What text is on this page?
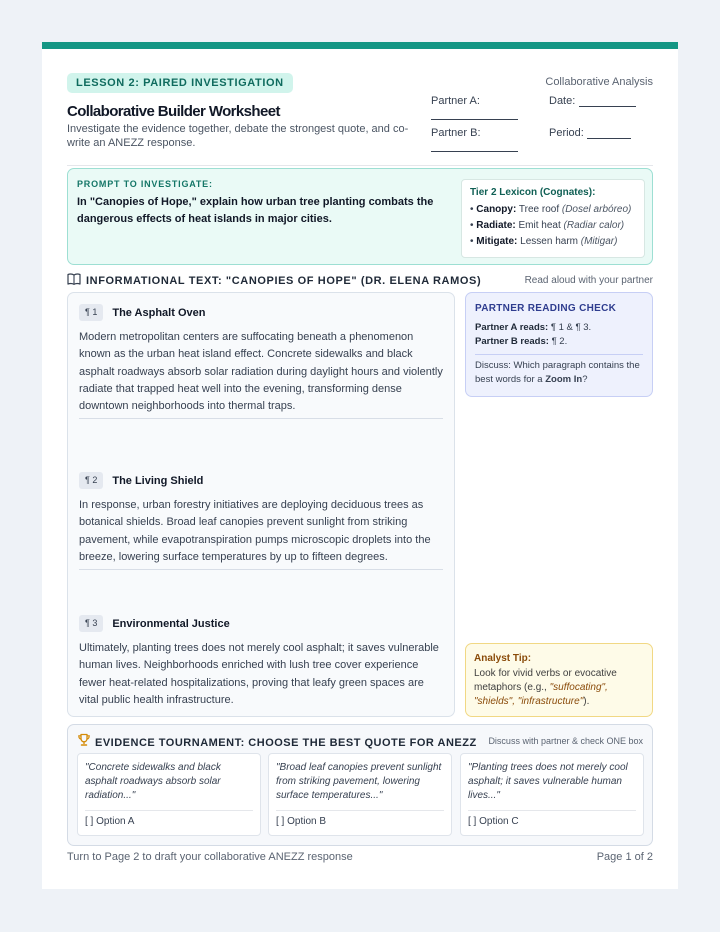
LESSON 2: PAIRED INVESTIGATION	Collaborative Analysis
Collaborative Builder Worksheet
Investigate the evidence together, debate the strongest quote, and co-write an ANEZZ response.
Partner A:	Date:
Partner B:	Period:
PROMPT TO INVESTIGATE:
In "Canopies of Hope," explain how urban tree planting combats the dangerous effects of heat islands in major cities.
Tier 2 Lexicon (Cognates):
• Canopy: Tree roof (Dosel arbóreo)
• Radiate: Emit heat (Radiar calor)
• Mitigate: Lessen harm (Mitigar)
INFORMATIONAL TEXT: "CANOPIES OF HOPE" (DR. ELENA RAMOS)	Read aloud with your partner
¶ 1	The Asphalt Oven
Modern metropolitan centers are suffocating beneath a phenomenon known as the urban heat island effect. Concrete sidewalks and black asphalt roadways absorb solar radiation during daylight hours and violently radiate that trapped heat well into the evening, transforming dense downtown neighborhoods into thermal traps.
¶ 2	The Living Shield
In response, urban forestry initiatives are deploying deciduous trees as botanical shields. Broad leaf canopies prevent sunlight from striking pavement, while evapotranspiration pumps microscopic droplets into the breeze, lowering surface temperatures by up to fifteen degrees.
¶ 3	Environmental Justice
Ultimately, planting trees does not merely cool asphalt; it saves vulnerable human lives. Neighborhoods enriched with lush tree cover experience fewer heat-related hospitalizations, proving that leafy green spaces are vital public health infrastructure.
PARTNER READING CHECK
Partner A reads: ¶ 1 & ¶ 3.
Partner B reads: ¶ 2.
Discuss: Which paragraph contains the best words for a Zoom In?
Analyst Tip:
Look for vivid verbs or evocative metaphors (e.g., "suffocating", "shields", "infrastructure").
EVIDENCE TOURNAMENT: CHOOSE THE BEST QUOTE FOR ANEZZ Discuss with partner & check ONE box
"Concrete sidewalks and black asphalt roadways absorb solar radiation..."
[ ] Option A
"Broad leaf canopies prevent sunlight from striking pavement, lowering surface temperatures..."
[ ] Option B
"Planting trees does not merely cool asphalt; it saves vulnerable human lives..."
[ ] Option C
Turn to Page 2 to draft your collaborative ANEZZ response	Page 1 of 2
